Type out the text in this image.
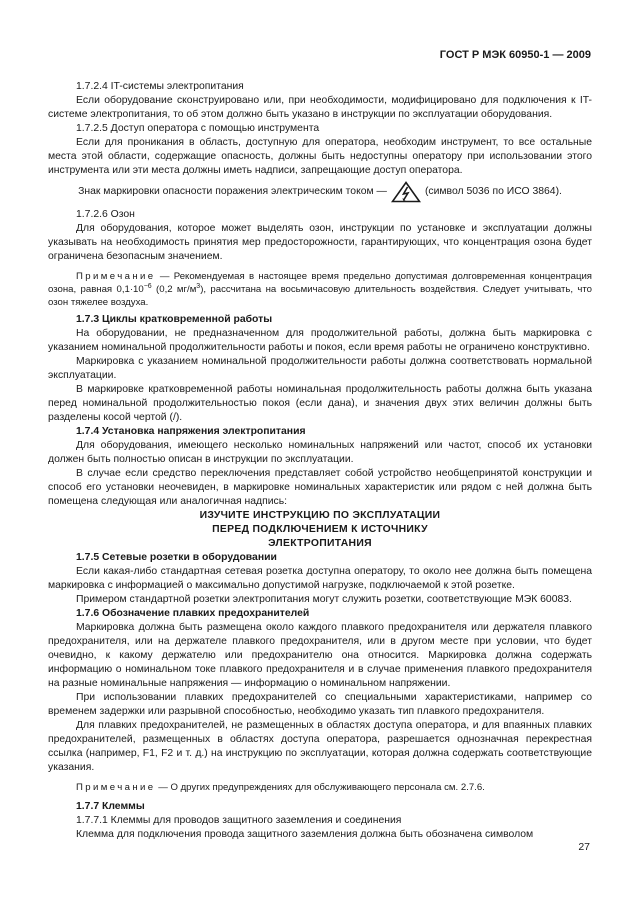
ГОСТ Р МЭК 60950-1 — 2009

1.7.2.4 IT-системы электропитания

Если оборудование сконструировано или, при необходимости, модифицировано для подключения к IT-системе электропитания, то об этом должно быть указано в инструкции по эксплуатации оборудования.

1.7.2.5 Доступ оператора с помощью инструмента

Если для проникания в область, доступную для оператора, необходим инструмент, то все остальные места этой области, содержащие опасность, должны быть недоступны оператору при использовании этого инструмента или эти места должны иметь надписи, запрещающие доступ оператора.

Знак маркировки опасности поражения электрическим током —	(символ 5036 по ИСО 3864).

1.7.2.6 Озон

Для оборудования, которое может выделять озон, инструкции по установке и эксплуатации должны указывать на необходимость принятия мер предосторожности, гарантирующих, что концентрация озона будет ограничена безопасным значением.

Примечание — Рекомендуемая в настоящее время предельно допустимая долговременная концентрация озона, равная $0,1\cdot 10^{-6}$ (0,2 $мг/м^3$), рассчитана на восьмичасовую длительность воздействия. Следует учитывать, что озон тяжелее воздуха.

1.7.3 Циклы кратковременной работы

На оборудовании, не предназначенном для продолжительной работы, должна быть маркировка с указанием номинальной продолжительности работы и покоя, если время работы не ограничено конструктивно.

Маркировка с указанием номинальной продолжительности работы должна соответствовать нормальной эксплуатации.

В маркировке кратковременной работы номинальная продолжительность работы должна быть указана перед номинальной продолжительностью покоя (если дана), и значения двух этих величин должны быть разделены косой чертой (/).

1.7.4 Установка напряжения электропитания

Для оборудования, имеющего несколько номинальных напряжений или частот, способ их установки должен быть полностью описан в инструкции по эксплуатации.

В случае если средство переключения представляет собой устройство необщепринятой конструкции и способ его установки неочевиден, в маркировке номинальных характеристик или рядом с ней должна быть помещена следующая или аналогичная надпись:

ИЗУЧИТЕ ИНСТРУКЦИЮ ПО ЭКСПЛУАТАЦИИ

ПЕРЕД ПОДКЛЮЧЕНИЕМ К ИСТОЧНИКУ

ЭЛЕКТРОПИТАНИЯ

1.7.5 Сетевые розетки в оборудовании

Если какая-либо стандартная сетевая розетка доступна оператору, то около нее должна быть помещена маркировка с информацией о максимально допустимой нагрузке, подключаемой к этой розетке.

Примером стандартной розетки электропитания могут служить розетки, соответствующие МЭК 60083.

1.7.6 Обозначение плавких предохранителей

Маркировка должна быть размещена около каждого плавкого предохранителя или держателя плавкого предохранителя, или на держателе плавкого предохранителя, или в другом месте при условии, что будет очевидно, к какому держателю или предохранителю она относится. Маркировка должна содержать информацию о номинальном токе плавкого предохранителя и в случае применения плавкого предохранителя на разные номинальные напряжения — информацию о номинальном напряжении.

При использовании плавких предохранителей со специальными характеристиками, например со временем задержки или разрывной способностью, необходимо указать тип плавкого предохранителя.

Для плавких предохранителей, не размещенных в областях доступа оператора, и для впаянных плавких предохранителей, размещенных в областях доступа оператора, разрешается однозначная перекрестная ссылка (например, F1, F2 и т. д.) на инструкцию по эксплуатации, которая должна содержать соответствующие указания.

Примечание — О других предупреждениях для обслуживающего персонала см. 2.7.6.

1.7.7 Клеммы

1.7.7.1 Клеммы для проводов защитного заземления и соединения

Клемма для подключения провода защитного заземления должна быть обозначена символом

27
